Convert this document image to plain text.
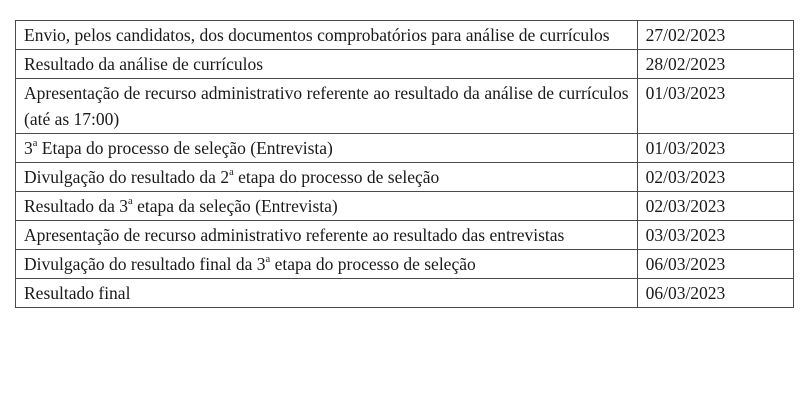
Envio, pelos candidatos, dos documentos comprobatórios para análise de currículos	27/02/2023
Resultado da análise de currículos	28/02/2023
Apresentação de recurso administrativo referente ao resultado da análise de currículos (até as 17:00)	01/03/2023
3$^a$ Etapa do processo de seleção (Entrevista)	01/03/2023
Divulgação do resultado da 2$^a$ etapa do processo de seleção	02/03/2023
Resultado da 3$^a$ etapa da seleção (Entrevista)	02/03/2023
Apresentação de recurso administrativo referente ao resultado das entrevistas	03/03/2023
Divulgação do resultado final da 3$^a$ etapa do processo de seleção	06/03/2023
Resultado final	06/03/2023
